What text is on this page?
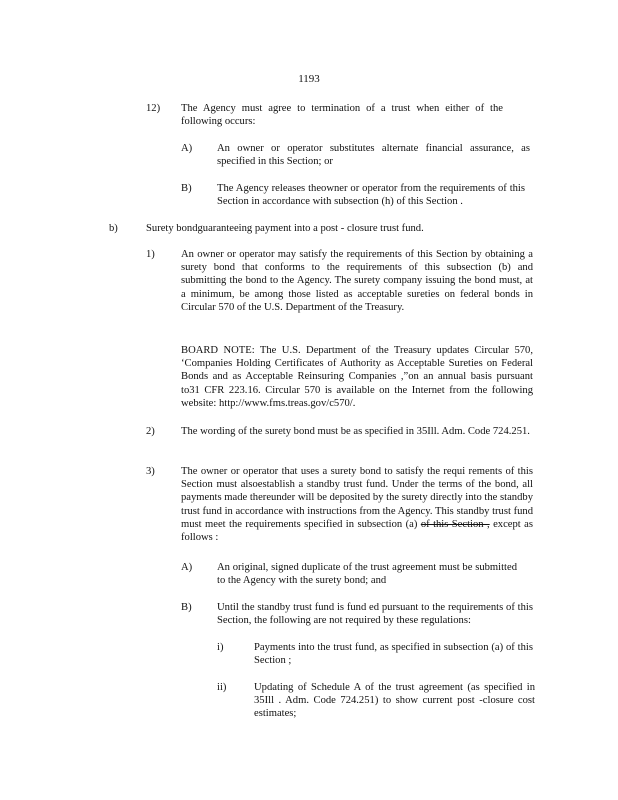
1193
12) The Agency must agree to termination of a trust when either of the following occurs:
A) An owner or operator substitutes alternate financial assurance, as specified in this Section; or
B) The Agency releases theowner or operator from the requirements of this Section in accordance with subsection (h) of this Section .
b)	Surety bondguaranteeing payment into a post - closure trust fund.
1) An owner or operator may satisfy the requirements of this Section by obtaining a surety bond that conforms to the requirements of this subsection (b) and submitting the bond to the Agency. The surety company issuing the bond must, at a minimum, be among those listed as acceptable sureties on federal bonds in Circular 570 of the U.S. Department of the Treasury.
BOARD NOTE: The U.S. Department of the Treasury updates Circular 570, ‘Companies Holding Certificates of Authority as Acceptable Sureties on Federal Bonds and as Acceptable Reinsuring Companies ,”on an annual basis pursuant to31 CFR 223.16. Circular 570 is available on the Internet from the following website: http://www.fms.treas.gov/c570/.
2) The wording of the surety bond must be as specified in 35Ill. Adm. Code 724.251.
3) The owner or operator that uses a surety bond to satisfy the requi rements of this Section must alsoestablish a standby trust fund. Under the terms of the bond, all payments made thereunder will be deposited by the surety directly into the standby trust fund in accordance with instructions from the Agency. This standby trust fund must meet the requirements specified in subsection (a) of this Section , except as follows :
A) An original, signed duplicate of the trust agreement must be submitted to the Agency with the surety bond; and
B) Until the standby trust fund is fund ed pursuant to the requirements of this Section, the following are not required by these regulations:
i)	Payments into the trust fund, as specified in subsection (a) of this Section ;
ii)	Updating of Schedule A of the trust agreement (as specified in 35Ill . Adm. Code 724.251) to show current post -closure cost estimates;
